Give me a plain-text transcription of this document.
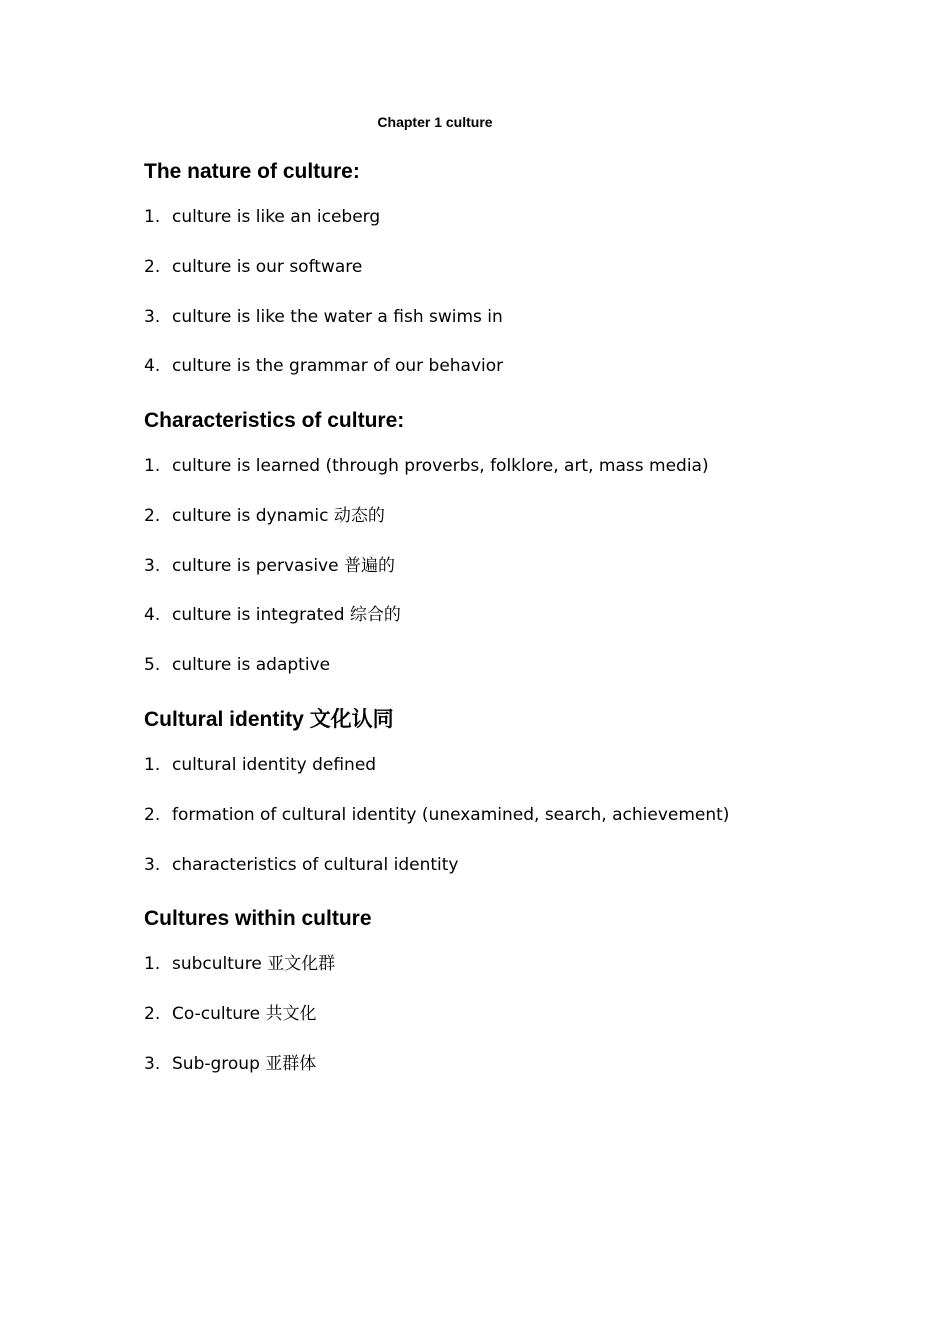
Chapter 1 culture
The nature of culture:
1. culture is like an iceberg
2. culture is our software
3. culture is like the water a fish swims in
4. culture is the grammar of our behavior
Characteristics of culture:
1. culture is learned (through proverbs, folklore, art, mass media)
2. culture is dynamic 动态的
3. culture is pervasive 普遍的
4. culture is integrated 综合的
5. culture is adaptive
Cultural identity 文化认同
1. cultural identity defined
2. formation of cultural identity (unexamined, search, achievement)
3. characteristics of cultural identity
Cultures within culture
1. subculture 亚文化群
2. Co-culture 共文化
3. Sub-group 亚群体
